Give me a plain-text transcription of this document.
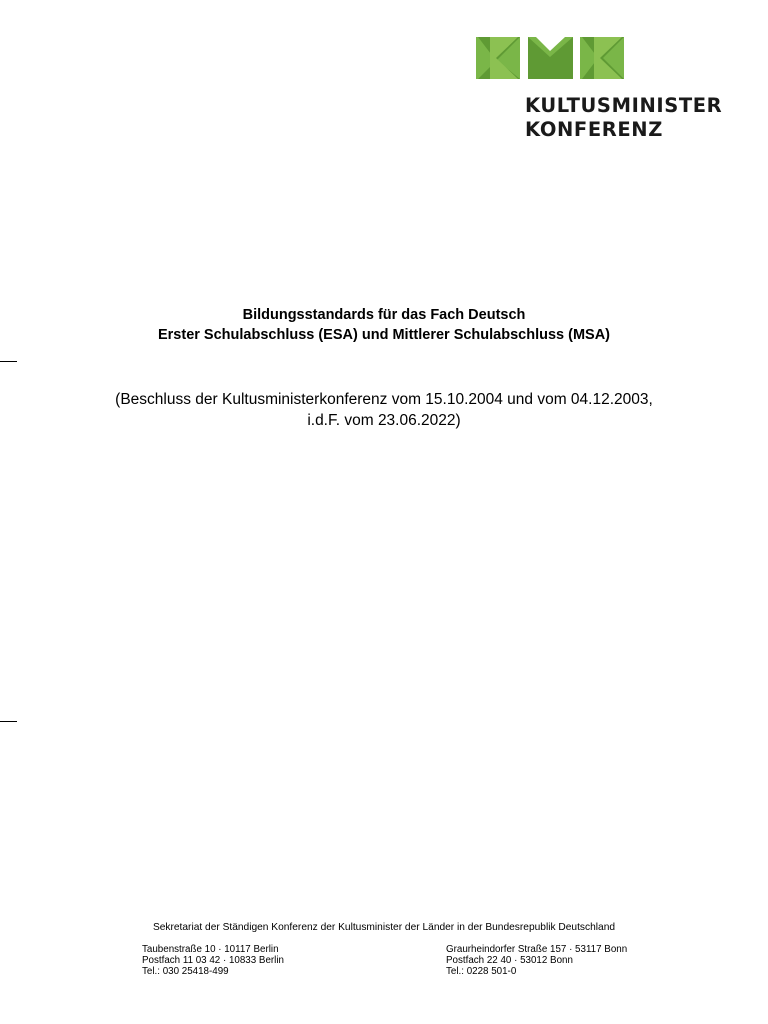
KULTUSMINISTER
KONFERENZ
Bildungsstandards für das Fach Deutsch
Erster Schulabschluss (ESA) und Mittlerer Schulabschluss (MSA)
(Beschluss der Kultusministerkonferenz vom 15.10.2004 und vom 04.12.2003,
i.d.F. vom 23.06.2022)
Sekretariat der Ständigen Konferenz der Kultusminister der Länder in der Bundesrepublik Deutschland
Taubenstraße 10 · 10117 Berlin
Postfach 11 03 42 · 10833 Berlin
Tel.: 030 25418-499
Graurheindorfer Straße 157 · 53117 Bonn
Postfach 22 40 · 53012 Bonn
Tel.: 0228 501-0
